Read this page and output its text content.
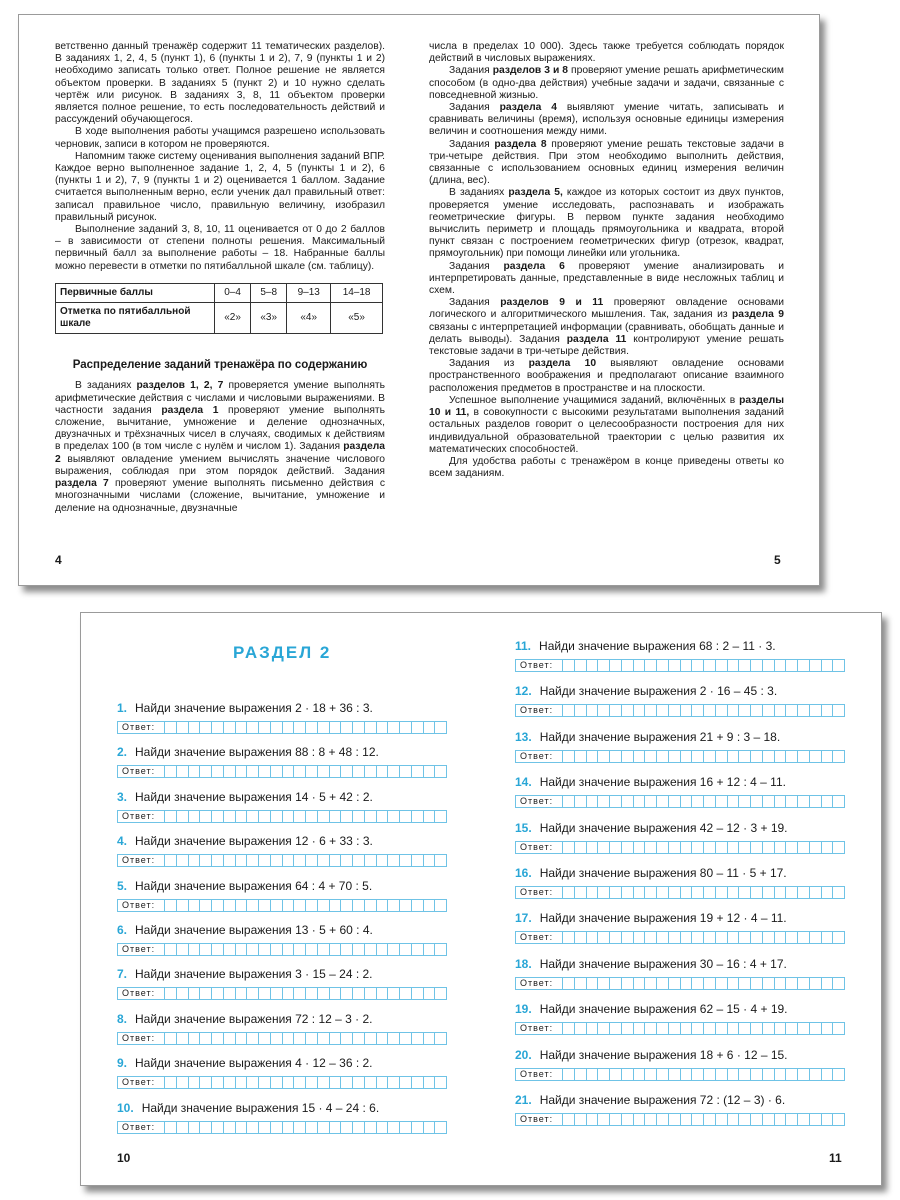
ветственно данный тренажёр содержит 11 тематических разделов). В заданиях 1, 2, 4, 5 (пункт 1), 6 (пункты 1 и 2), 7, 9 (пункты 1 и 2) необходимо записать только ответ. Полное решение не является объектом проверки. В заданиях 5 (пункт 2) и 10 нужно сделать чертёж или рисунок. В заданиях 3, 8, 11 объектом проверки является полное решение, то есть последовательность действий и рассуждений обучающегося.

В ходе выполнения работы учащимся разрешено использовать черновик, записи в котором не проверяются.

Напомним также систему оценивания выполнения заданий ВПР. Каждое верно выполненное задание 1, 2, 4, 5 (пункты 1 и 2), 6 (пункты 1 и 2), 7, 9 (пункты 1 и 2) оценивается 1 баллом. Задание считается выполненным верно, если ученик дал правильный ответ: записал правильное число, правильную величину, изобразил правильный рисунок.

Выполнение заданий 3, 8, 10, 11 оценивается от 0 до 2 баллов – в зависимости от степени полноты решения. Максимальный первичный балл за выполнение работы – 18. Набранные баллы можно перевести в отметки по пятибалльной шкале (см. таблицу).

Первичные баллы	0–4	5–8	9–13	14–18
Отметка по пятибалльной шкале	«2»	«3»	«4»	«5»
Распределение заданий тренажёра по содержанию

В заданиях разделов 1, 2, 7 проверяется умение выполнять арифметические действия с числами и числовыми выражениями. В частности задания раздела 1 проверяют умение выполнять сложение, вычитание, умножение и деление однозначных, двузначных и трёхзначных чисел в случаях, сводимых к действиям в пределах 100 (в том числе с нулём и числом 1). Задания раздела 2 выявляют овладение умением вычислять значение числового выражения, соблюдая при этом порядок действий. Задания раздела 7 проверяют умение выполнять письменно действия с многозначными числами (сложение, вычитание, умножение и деление на однозначные, двузначные

числа в пределах 10 000). Здесь также требуется соблюдать порядок действий в числовых выражениях.

Задания разделов 3 и 8 проверяют умение решать арифметическим способом (в одно-два действия) учебные задачи и задачи, связанные с повседневной жизнью.

Задания раздела 4 выявляют умение читать, записывать и сравнивать величины (время), используя основные единицы измерения величин и соотношения между ними.

Задания раздела 8 проверяют умение решать текстовые задачи в три-четыре действия. При этом необходимо выполнить действия, связанные с использованием основных единиц измерения величин (длина, вес).

В заданиях раздела 5, каждое из которых состоит из двух пунктов, проверяется умение исследовать, распознавать и изображать геометрические фигуры. В первом пункте задания необходимо вычислить периметр и площадь прямоугольника и квадрата, второй пункт связан с построением геометрических фигур (отрезок, квадрат, прямоугольник) при помощи линейки или угольника.

Задания раздела 6 проверяют умение анализировать и интерпретировать данные, представленные в виде несложных таблиц и схем.

Задания разделов 9 и 11 проверяют овладение основами логического и алгоритмического мышления. Так, задания из раздела 9 связаны с интерпретацией информации (сравнивать, обобщать данные и делать выводы). Задания раздела 11 контролируют умение решать текстовые задачи в три-четыре действия.

Задания из раздела 10 выявляют овладение основами пространственного воображения и предполагают описание взаимного расположения предметов в пространстве и на плоскости.

Успешное выполнение учащимися заданий, включённых в разделы 10 и 11, в совокупности с высокими результатами выполнения заданий остальных разделов говорит о целесообразности построения для них индивидуальной образовательной траектории с целью развития их математических способностей.

Для удобства работы с тренажёром в конце приведены ответы ко всем заданиям.

4	5
РАЗДЕЛ 2
1. Найди значение выражения 2 · 18 + 36 : 3.
Ответ:
2. Найди значение выражения 88 : 8 + 48 : 12.
Ответ:
3. Найди значение выражения 14 · 5 + 42 : 2.
Ответ:
4. Найди значение выражения 12 · 6 + 33 : 3.
Ответ:
5. Найди значение выражения 64 : 4 + 70 : 5.
Ответ:
6. Найди значение выражения 13 · 5 + 60 : 4.
Ответ:
7. Найди значение выражения 3 · 15 – 24 : 2.
Ответ:
8. Найди значение выражения 72 : 12 – 3 · 2.
Ответ:
9. Найди значение выражения 4 · 12 – 36 : 2.
Ответ:
10. Найди значение выражения 15 · 4 – 24 : 6.
Ответ:
11. Найди значение выражения 68 : 2 – 11 · 3.
Ответ:
12. Найди значение выражения 2 · 16 – 45 : 3.
Ответ:
13. Найди значение выражения 21 + 9 : 3 – 18.
Ответ:
14. Найди значение выражения 16 + 12 : 4 – 11.
Ответ:
15. Найди значение выражения 42 – 12 · 3 + 19.
Ответ:
16. Найди значение выражения 80 – 11 · 5 + 17.
Ответ:
17. Найди значение выражения 19 + 12 · 4 – 11.
Ответ:
18. Найди значение выражения 30 – 16 : 4 + 17.
Ответ:
19. Найди значение выражения 62 – 15 · 4 + 19.
Ответ:
20. Найди значение выражения 18 + 6 · 12 – 15.
Ответ:
21. Найди значение выражения 72 : (12 – 3) · 6.
Ответ:
10	11
